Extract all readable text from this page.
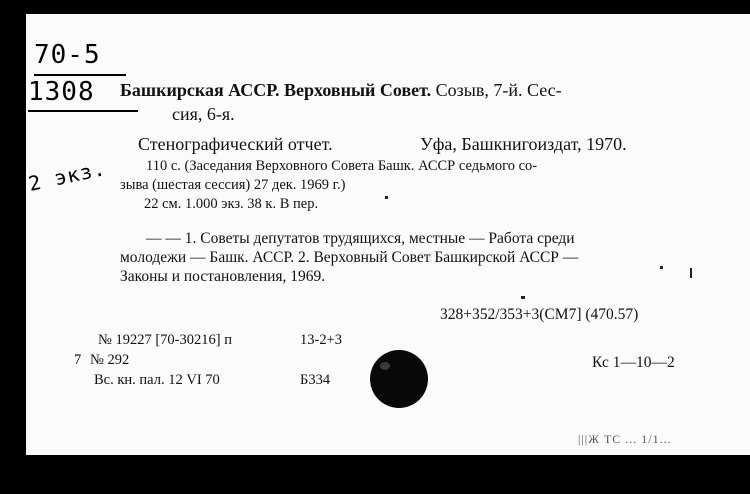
70-5
1308
2 экз.
Башкирская АССР. Верховный Совет. Созыв, 7-й. Сес-
сия, 6-я.
Стенографический отчет.	Уфа, Башкнигоиздат, 1970.
110 с. (Заседания Верховного Совета Башк. АССР седьмого со-
зыва (шестая сессия) 27 дек. 1969 г.)
22 см. 1.000 экз. 38 к. В пер.
— — 1. Советы депутатов трудящихся, местные — Работа среди
молодежи — Башк. АССР. 2. Верховный Совет Башкирской АССР —
Законы и постановления, 1969.
328+352/353+3(СМ7] (470.57)
№ 19227 [70-30216] п	13-2+3
7 № 292
Вс. кн. пал. 12 VI 70	Б334
Кс 1—10—2
|||Ж ТС ... 1/1...
